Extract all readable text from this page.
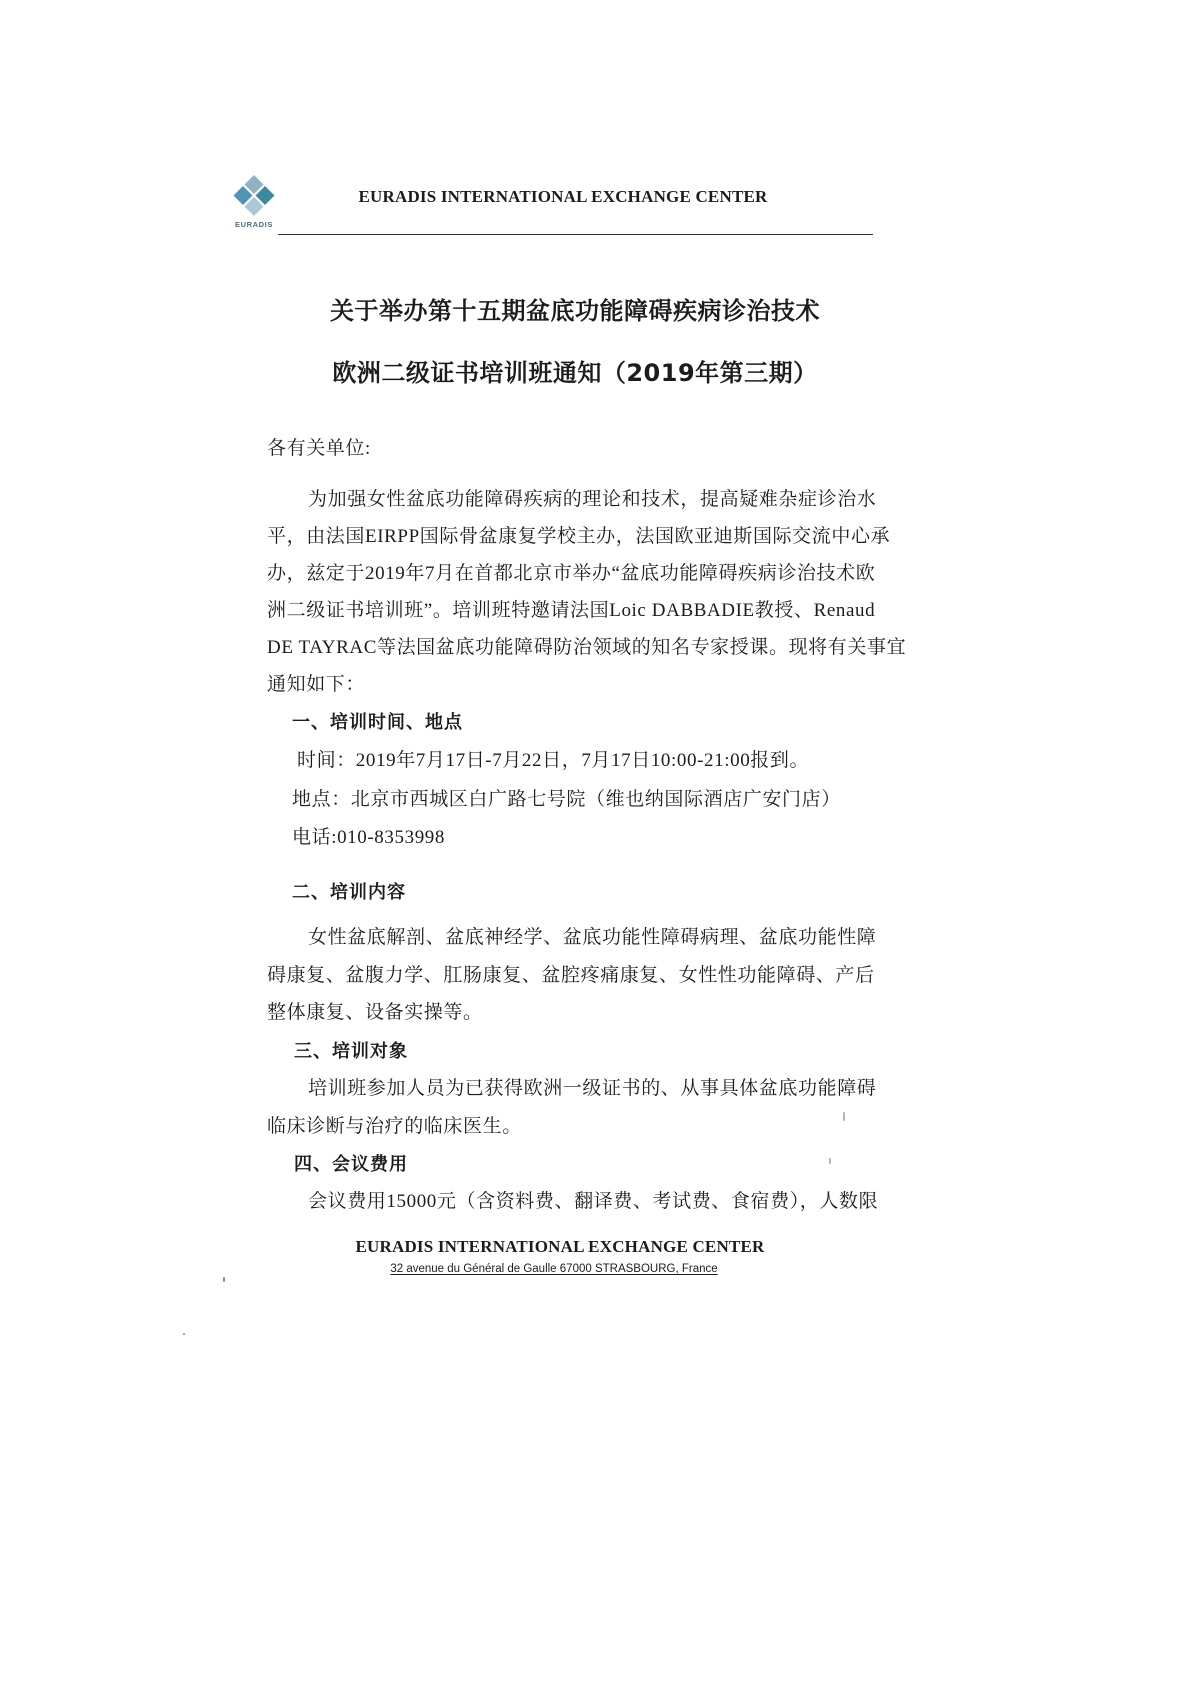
EURADIS
EURADIS INTERNATIONAL EXCHANGE CENTER
关于举办第十五期盆底功能障碍疾病诊治技术
欧洲二级证书培训班通知（2019年第三期）
各有关单位:
为加强女性盆底功能障碍疾病的理论和技术，提高疑难杂症诊治水
平，由法国EIRPP国际骨盆康复学校主办，法国欧亚迪斯国际交流中心承
办，兹定于2019年7月在首都北京市举办“盆底功能障碍疾病诊治技术欧
洲二级证书培训班”。培训班特邀请法国Loic DABBADIE教授、Renaud
DE TAYRAC等法国盆底功能障碍防治领域的知名专家授课。现将有关事宜
通知如下：
一、培训时间、地点
时间：2019年7月17日-7月22日，7月17日10:00-21:00报到。
地点：北京市西城区白广路七号院（维也纳国际酒店广安门店）
电话:010-8353998
二、培训内容
女性盆底解剖、盆底神经学、盆底功能性障碍病理、盆底功能性障
碍康复、盆腹力学、肛肠康复、盆腔疼痛康复、女性性功能障碍、产后
整体康复、设备实操等。
三、培训对象
培训班参加人员为已获得欧洲一级证书的、从事具体盆底功能障碍
临床诊断与治疗的临床医生。
四、会议费用
会议费用15000元（含资料费、翻译费、考试费、食宿费），人数限
EURADIS INTERNATIONAL EXCHANGE CENTER
32 avenue du Général de Gaulle 67000 STRASBOURG, France
